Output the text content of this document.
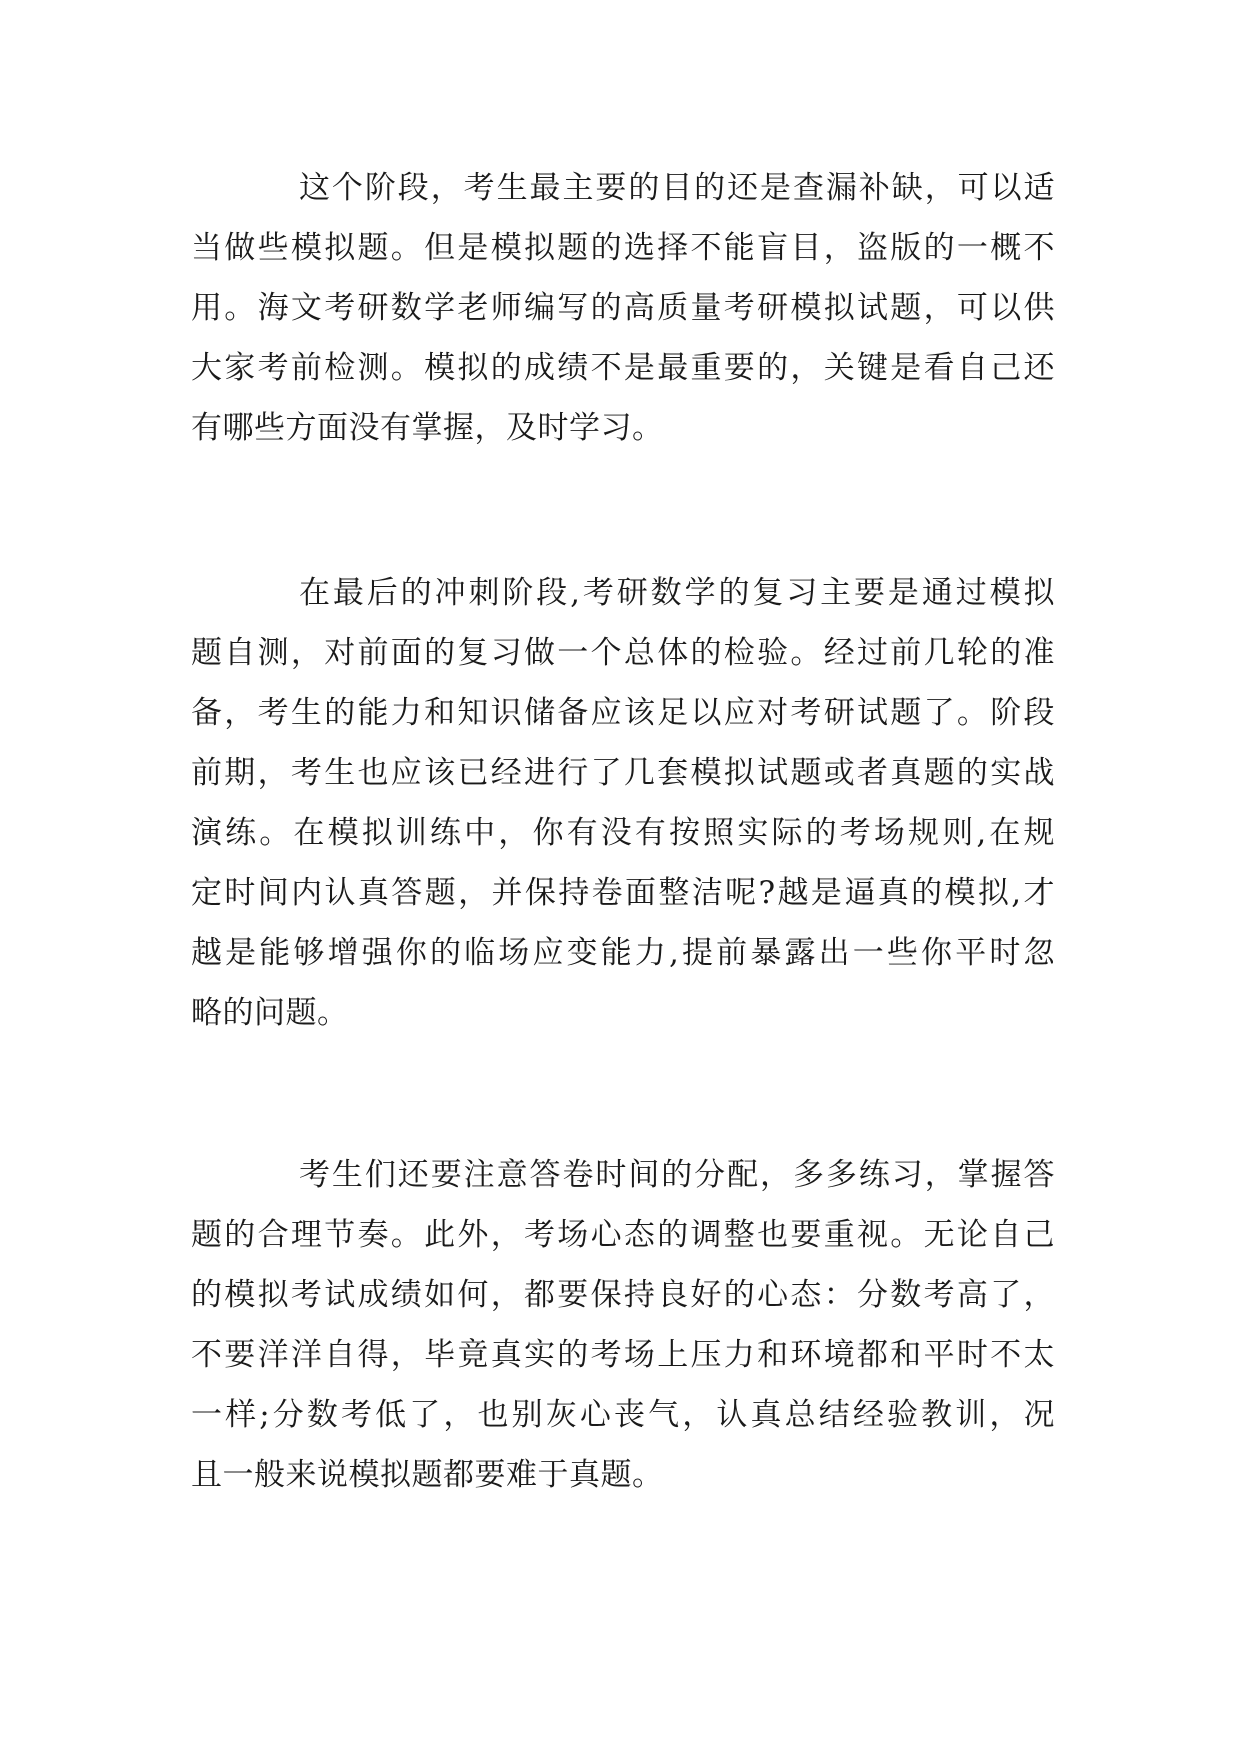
这个阶段，考生最主要的目的还是查漏补缺，可以适
当做些模拟题。但是模拟题的选择不能盲目，盗版的一概不
用。海文考研数学老师编写的高质量考研模拟试题，可以供
大家考前检测。模拟的成绩不是最重要的，关键是看自己还
有哪些方面没有掌握，及时学习。
在最后的冲刺阶段,考研数学的复习主要是通过模拟
题自测，对前面的复习做一个总体的检验。经过前几轮的准
备，考生的能力和知识储备应该足以应对考研试题了。阶段
前期，考生也应该已经进行了几套模拟试题或者真题的实战
演练。在模拟训练中，你有没有按照实际的考场规则,在规
定时间内认真答题，并保持卷面整洁呢?越是逼真的模拟,才
越是能够增强你的临场应变能力,提前暴露出一些你平时忽
略的问题。
考生们还要注意答卷时间的分配，多多练习，掌握答
题的合理节奏。此外，考场心态的调整也要重视。无论自己
的模拟考试成绩如何，都要保持良好的心态：分数考高了，
不要洋洋自得，毕竟真实的考场上压力和环境都和平时不太
一样;分数考低了，也别灰心丧气，认真总结经验教训，况
且一般来说模拟题都要难于真题。
